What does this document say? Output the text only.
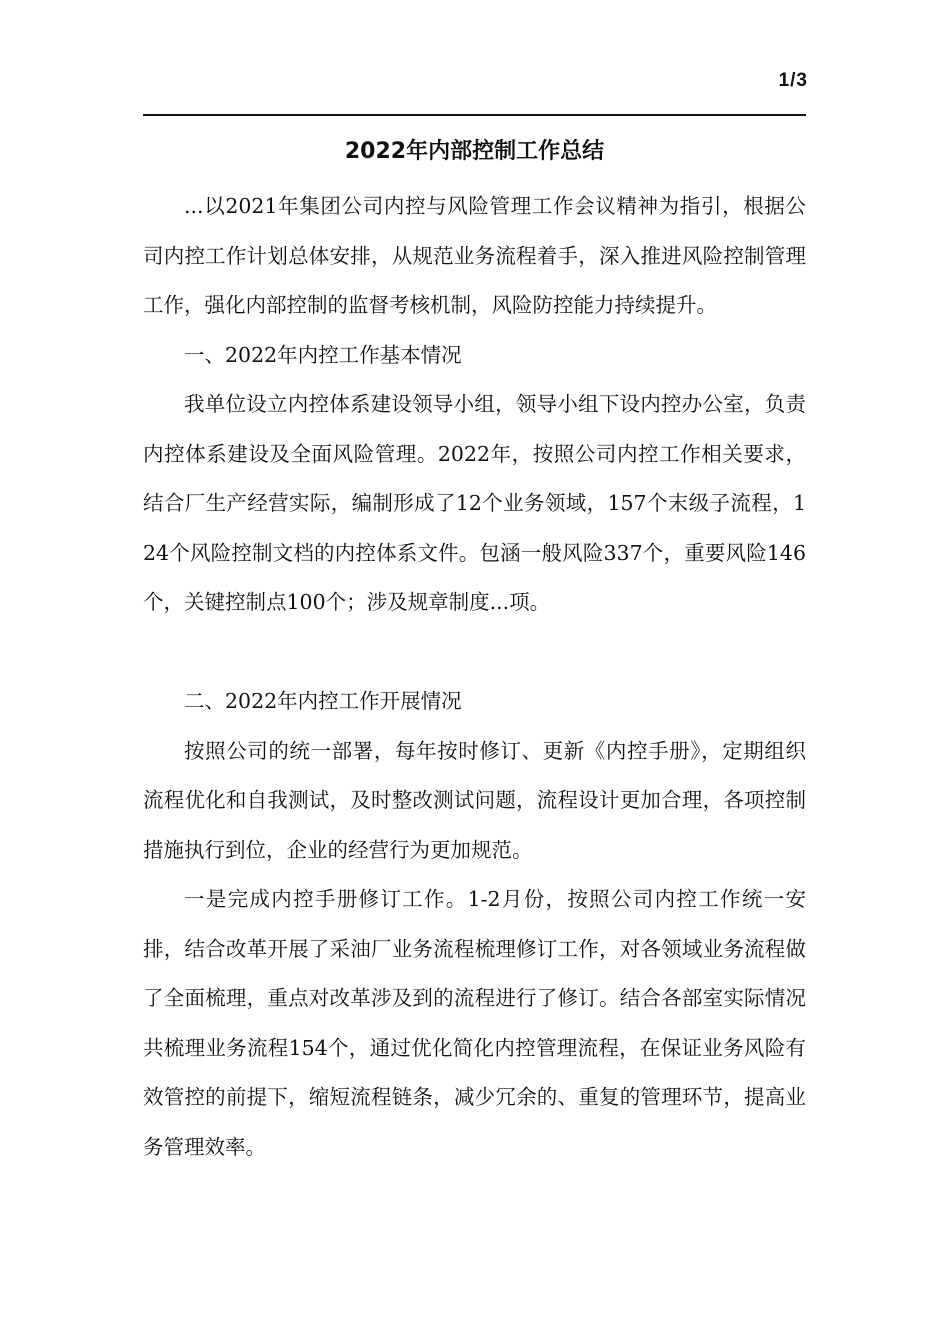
1/3
2022年内部控制工作总结

...以2021年集团公司内控与风险管理工作会议精神为指引，根据公司内控工作计划总体安排，从规范业务流程着手，深入推进风险控制管理工作，强化内部控制的监督考核机制，风险防控能力持续提升。

一、2022年内控工作基本情况

我单位设立内控体系建设领导小组，领导小组下设内控办公室，负责内控体系建设及全面风险管理。2022年，按照公司内控工作相关要求，结合厂生产经营实际，编制形成了12个业务领域，157个末级子流程，124个风险控制文档的内控体系文件。包涵一般风险337个，重要风险146个，关键控制点100个；涉及规章制度...项。

二、2022年内控工作开展情况

按照公司的统一部署，每年按时修订、更新《内控手册》，定期组织流程优化和自我测试，及时整改测试问题，流程设计更加合理，各项控制措施执行到位，企业的经营行为更加规范。

一是完成内控手册修订工作。1-2月份，按照公司内控工作统一安排，结合改革开展了采油厂业务流程梳理修订工作，对各领域业务流程做了全面梳理，重点对改革涉及到的流程进行了修订。结合各部室实际情况共梳理业务流程154个，通过优化简化内控管理流程，在保证业务风险有效管控的前提下，缩短流程链条，减少冗余的、重复的管理环节，提高业务管理效率。
